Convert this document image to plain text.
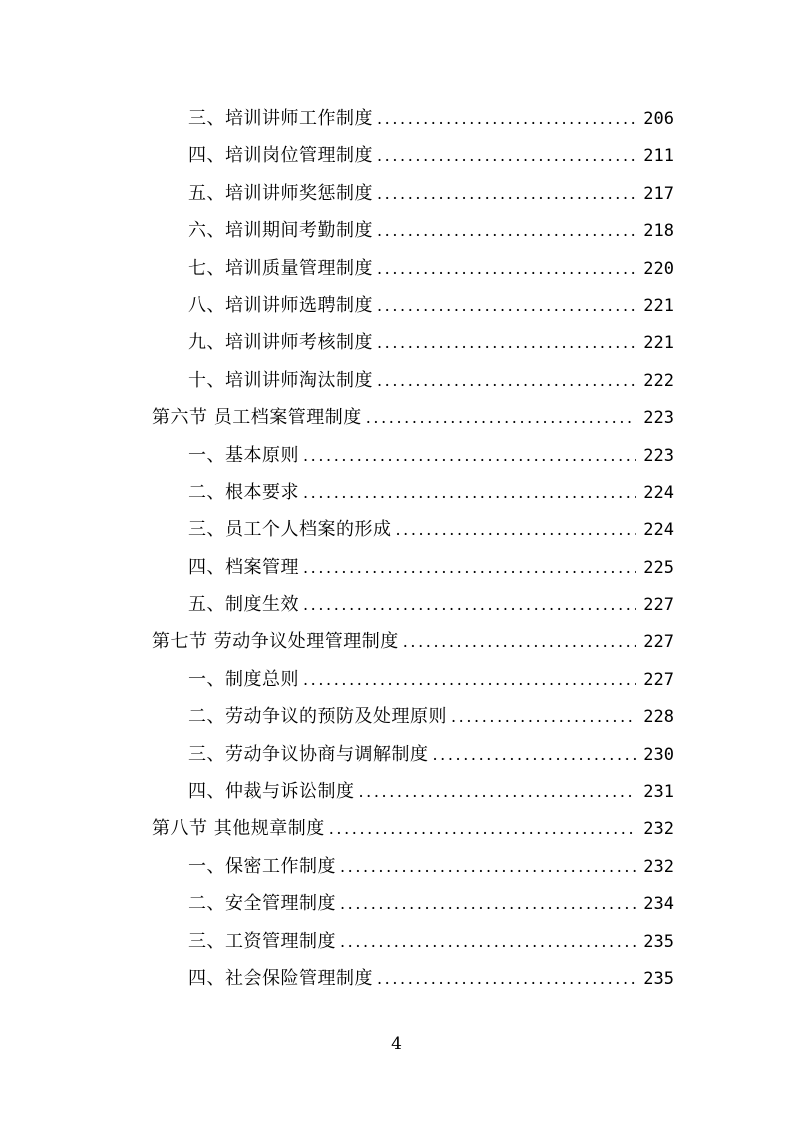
三、培训讲师工作制度 .....	206
四、培训岗位管理制度 .....	211
五、培训讲师奖惩制度 .....	217
六、培训期间考勤制度 .....	218
七、培训质量管理制度 .....	220
八、培训讲师选聘制度 .....	221
九、培训讲师考核制度 .....	221
十、培训讲师淘汰制度 .....	222
第六节 员工档案管理制度 .....	223
一、基本原则 .....	223
二、根本要求 .....	224
三、员工个人档案的形成 .....	224
四、档案管理 .....	225
五、制度生效 .....	227
第七节 劳动争议处理管理制度 .....	227
一、制度总则 .....	227
二、劳动争议的预防及处理原则 .....	228
三、劳动争议协商与调解制度 .....	230
四、仲裁与诉讼制度 .....	231
第八节 其他规章制度 .....	232
一、保密工作制度 .....	232
二、安全管理制度 .....	234
三、工资管理制度 .....	235
四、社会保险管理制度 .....	235
4
